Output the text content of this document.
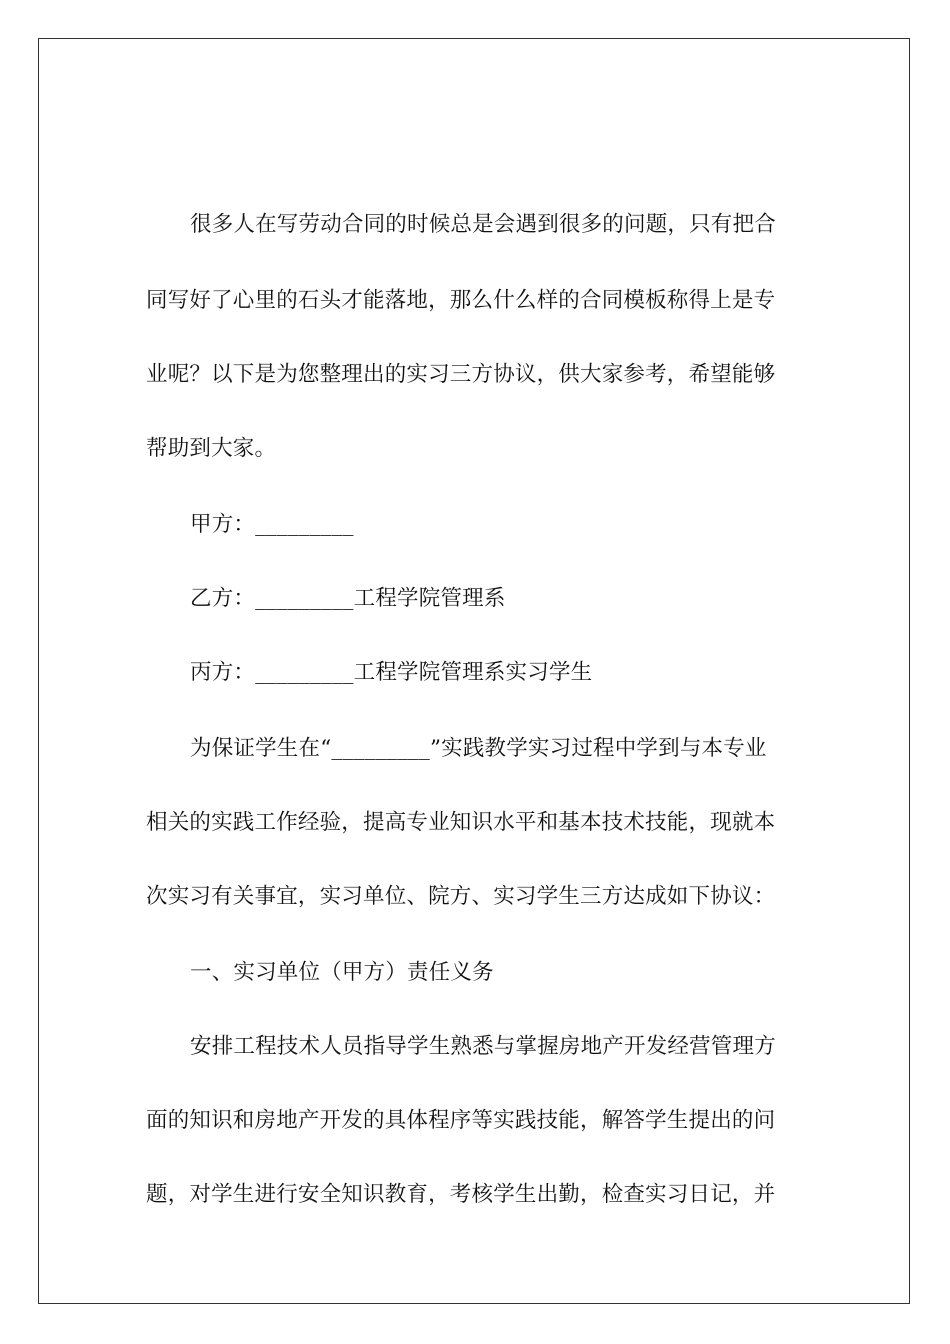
很多人在写劳动合同的时候总是会遇到很多的问题，只有把合
同写好了心里的石头才能落地，那么什么样的合同模板称得上是专
业呢？以下是为您整理出的实习三方协议，供大家参考，希望能够
帮助到大家。
甲方：_________
乙方：_________工程学院管理系
丙方：_________工程学院管理系实习学生
为保证学生在“_________”实践教学实习过程中学到与本专业
相关的实践工作经验，提高专业知识水平和基本技术技能，现就本
次实习有关事宜，实习单位、院方、实习学生三方达成如下协议：
一、实习单位（甲方）责任义务
安排工程技术人员指导学生熟悉与掌握房地产开发经营管理方
面的知识和房地产开发的具体程序等实践技能，解答学生提出的问
题，对学生进行安全知识教育，考核学生出勤，检查实习日记，并
